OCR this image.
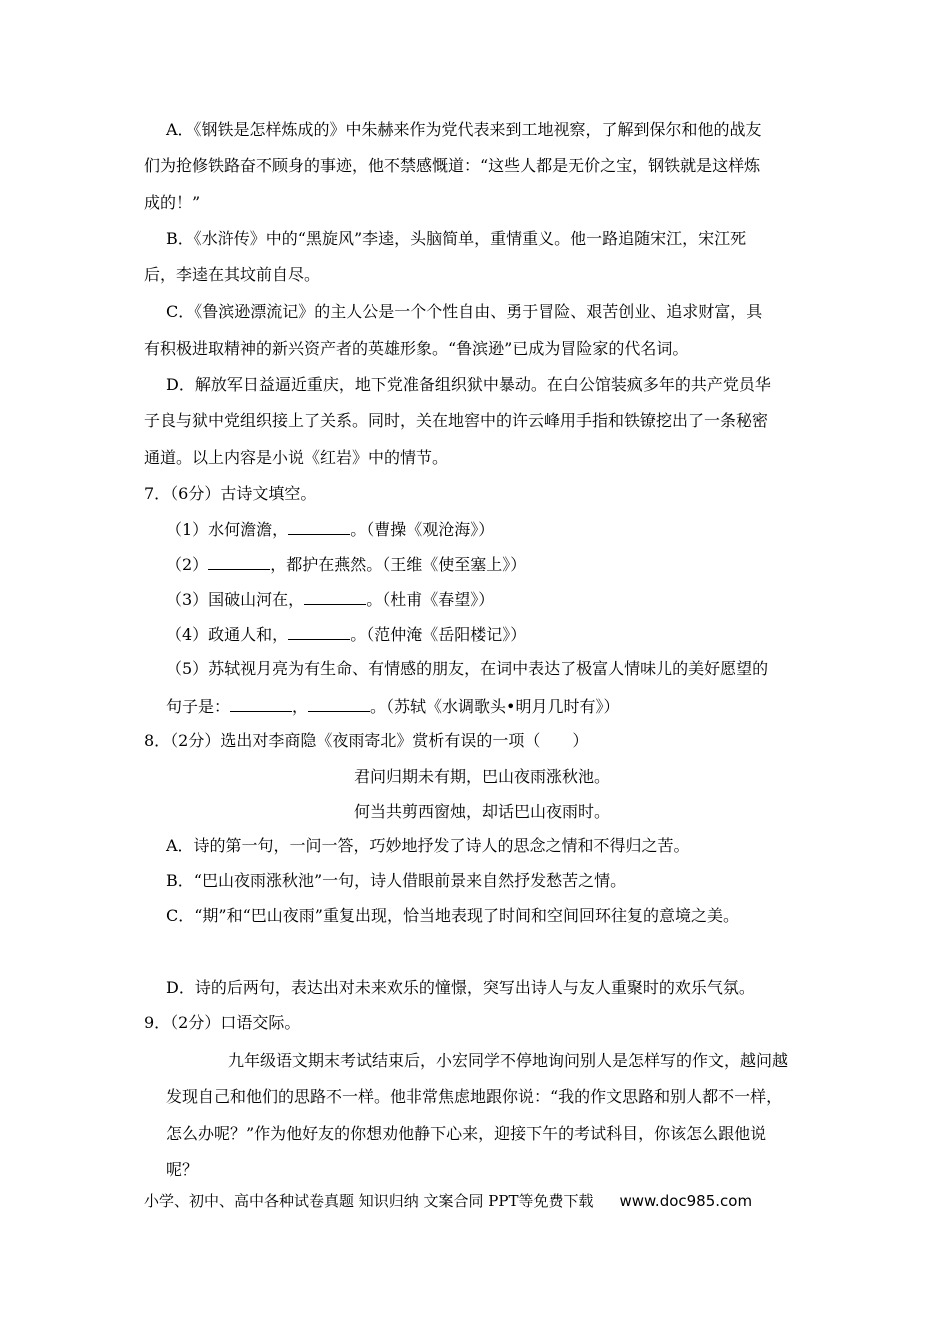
A．《钢铁是怎样炼成的》中朱赫来作为党代表来到工地视察，了解到保尔和他的战友
们为抢修铁路奋不顾身的事迹，他不禁感慨道：“这些人都是无价之宝，钢铁就是这样炼
成的！”
B．《水浒传》中的“黑旋风”李逵，头脑简单，重情重义。他一路追随宋江，宋江死
后，李逵在其坟前自尽。
C．《鲁滨逊漂流记》的主人公是一个个性自由、勇于冒险、艰苦创业、追求财富，具
有积极进取精神的新兴资产者的英雄形象。“鲁滨逊”已成为冒险家的代名词。
D．解放军日益逼近重庆，地下党准备组织狱中暴动。在白公馆装疯多年的共产党员华
子良与狱中党组织接上了关系。同时，关在地窖中的许云峰用手指和铁镣挖出了一条秘密
通道。以上内容是小说《红岩》中的情节。
7．（6分）古诗文填空。
（1）水何澹澹，	。（曹操《观沧海》）
（2）	，都护在燕然。（王维《使至塞上》）
（3）国破山河在，	。（杜甫《春望》）
（4）政通人和，	。（范仲淹《岳阳楼记》）
（5）苏轼视月亮为有生命、有情感的朋友，在词中表达了极富人情味儿的美好愿望的
句子是：	，	。（苏轼《水调歌头•明月几时有》）
8．（2分）选出对李商隐《夜雨寄北》赏析有误的一项（　　）
君问归期未有期，巴山夜雨涨秋池。
何当共剪西窗烛，却话巴山夜雨时。
A．诗的第一句，一问一答，巧妙地抒发了诗人的思念之情和不得归之苦。
B．“巴山夜雨涨秋池”一句，诗人借眼前景来自然抒发愁苦之情。
C．“期”和“巴山夜雨”重复出现，恰当地表现了时间和空间回环往复的意境之美。
D．诗的后两句，表达出对未来欢乐的憧憬，突写出诗人与友人重聚时的欢乐气氛。
9．（2分）口语交际。
九年级语文期末考试结束后，小宏同学不停地询问别人是怎样写的作文，越问越
发现自己和他们的思路不一样。他非常焦虑地跟你说：“我的作文思路和别人都不一样，
怎么办呢？”作为他好友的你想劝他静下心来，迎接下午的考试科目，你该怎么跟他说
呢？
小学、初中、高中各种试卷真题 知识归纳 文案合同 PPT等免费下载 www.doc985.com
